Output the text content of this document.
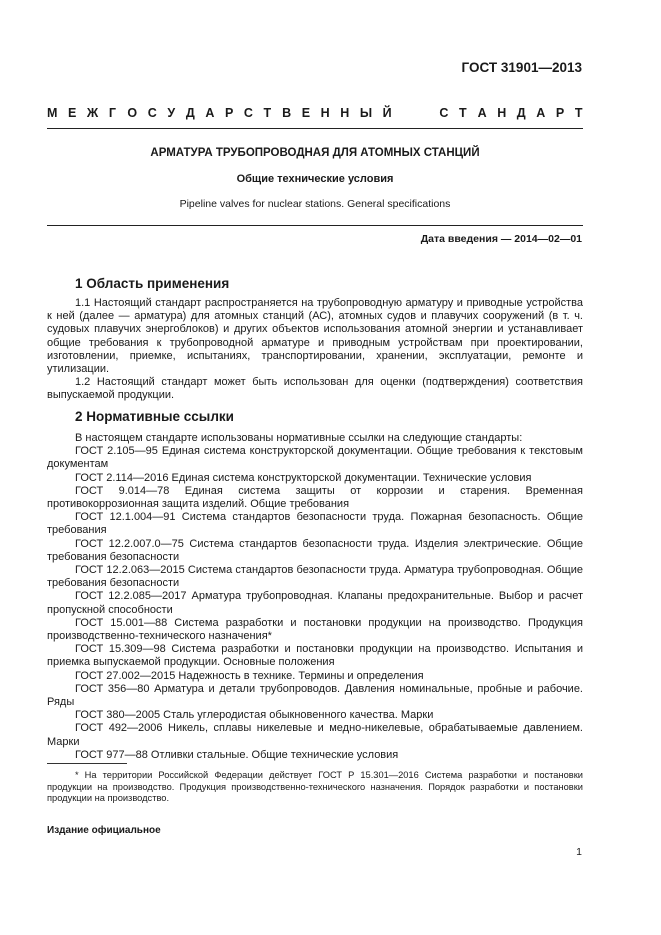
ГОСТ 31901—2013
М Е Ж Г О С У Д А Р С Т В Е Н Н Ы Й	С Т А Н Д А Р Т
АРМАТУРА ТРУБОПРОВОДНАЯ ДЛЯ АТОМНЫХ СТАНЦИЙ
Общие технические условия
Pipeline valves for nuclear stations. General specifications
Дата введения — 2014—02—01
1 Область применения

1.1 Настоящий стандарт распространяется на трубопроводную арматуру и приводные устройства к ней (далее — арматура) для атомных станций (АС), атомных судов и плавучих сооружений (в т. ч. судовых плавучих энергоблоков) и других объектов использования атомной энергии и устанавливает общие требования к трубопроводной арматуре и приводным устройствам при проектировании, изготовлении, приемке, испытаниях, транспортировании, хранении, эксплуатации, ремонте и утилизации.

1.2 Настоящий стандарт может быть использован для оценки (подтверждения) соответствия выпускаемой продукции.

2 Нормативные ссылки

В настоящем стандарте использованы нормативные ссылки на следующие стандарты:

ГОСТ 2.105—95 Единая система конструкторской документации. Общие требования к текстовым документам

ГОСТ 2.114—2016 Единая система конструкторской документации. Технические условия

ГОСТ 9.014—78 Единая система защиты от коррозии и старения. Временная противокоррозионная защита изделий. Общие требования

ГОСТ 12.1.004—91 Система стандартов безопасности труда. Пожарная безопасность. Общие требования

ГОСТ 12.2.007.0—75 Система стандартов безопасности труда. Изделия электрические. Общие требования безопасности

ГОСТ 12.2.063—2015 Система стандартов безопасности труда. Арматура трубопроводная. Общие требования безопасности

ГОСТ 12.2.085—2017 Арматура трубопроводная. Клапаны предохранительные. Выбор и расчет пропускной способности

ГОСТ 15.001—88 Система разработки и постановки продукции на производство. Продукция производственно-технического назначения*

ГОСТ 15.309—98 Система разработки и постановки продукции на производство. Испытания и приемка выпускаемой продукции. Основные положения

ГОСТ 27.002—2015 Надежность в технике. Термины и определения

ГОСТ 356—80 Арматура и детали трубопроводов. Давления номинальные, пробные и рабочие. Ряды

ГОСТ 380—2005 Сталь углеродистая обыкновенного качества. Марки

ГОСТ 492—2006 Никель, сплавы никелевые и медно-никелевые, обрабатываемые давлением. Марки

ГОСТ 977—88 Отливки стальные. Общие технические условия

* На территории Российской Федерации действует ГОСТ Р 15.301—2016 Система разработки и постановки продукции на производство. Продукция производственно-технического назначения. Порядок разработки и постановки продукции на производство.
Издание официальное
1
